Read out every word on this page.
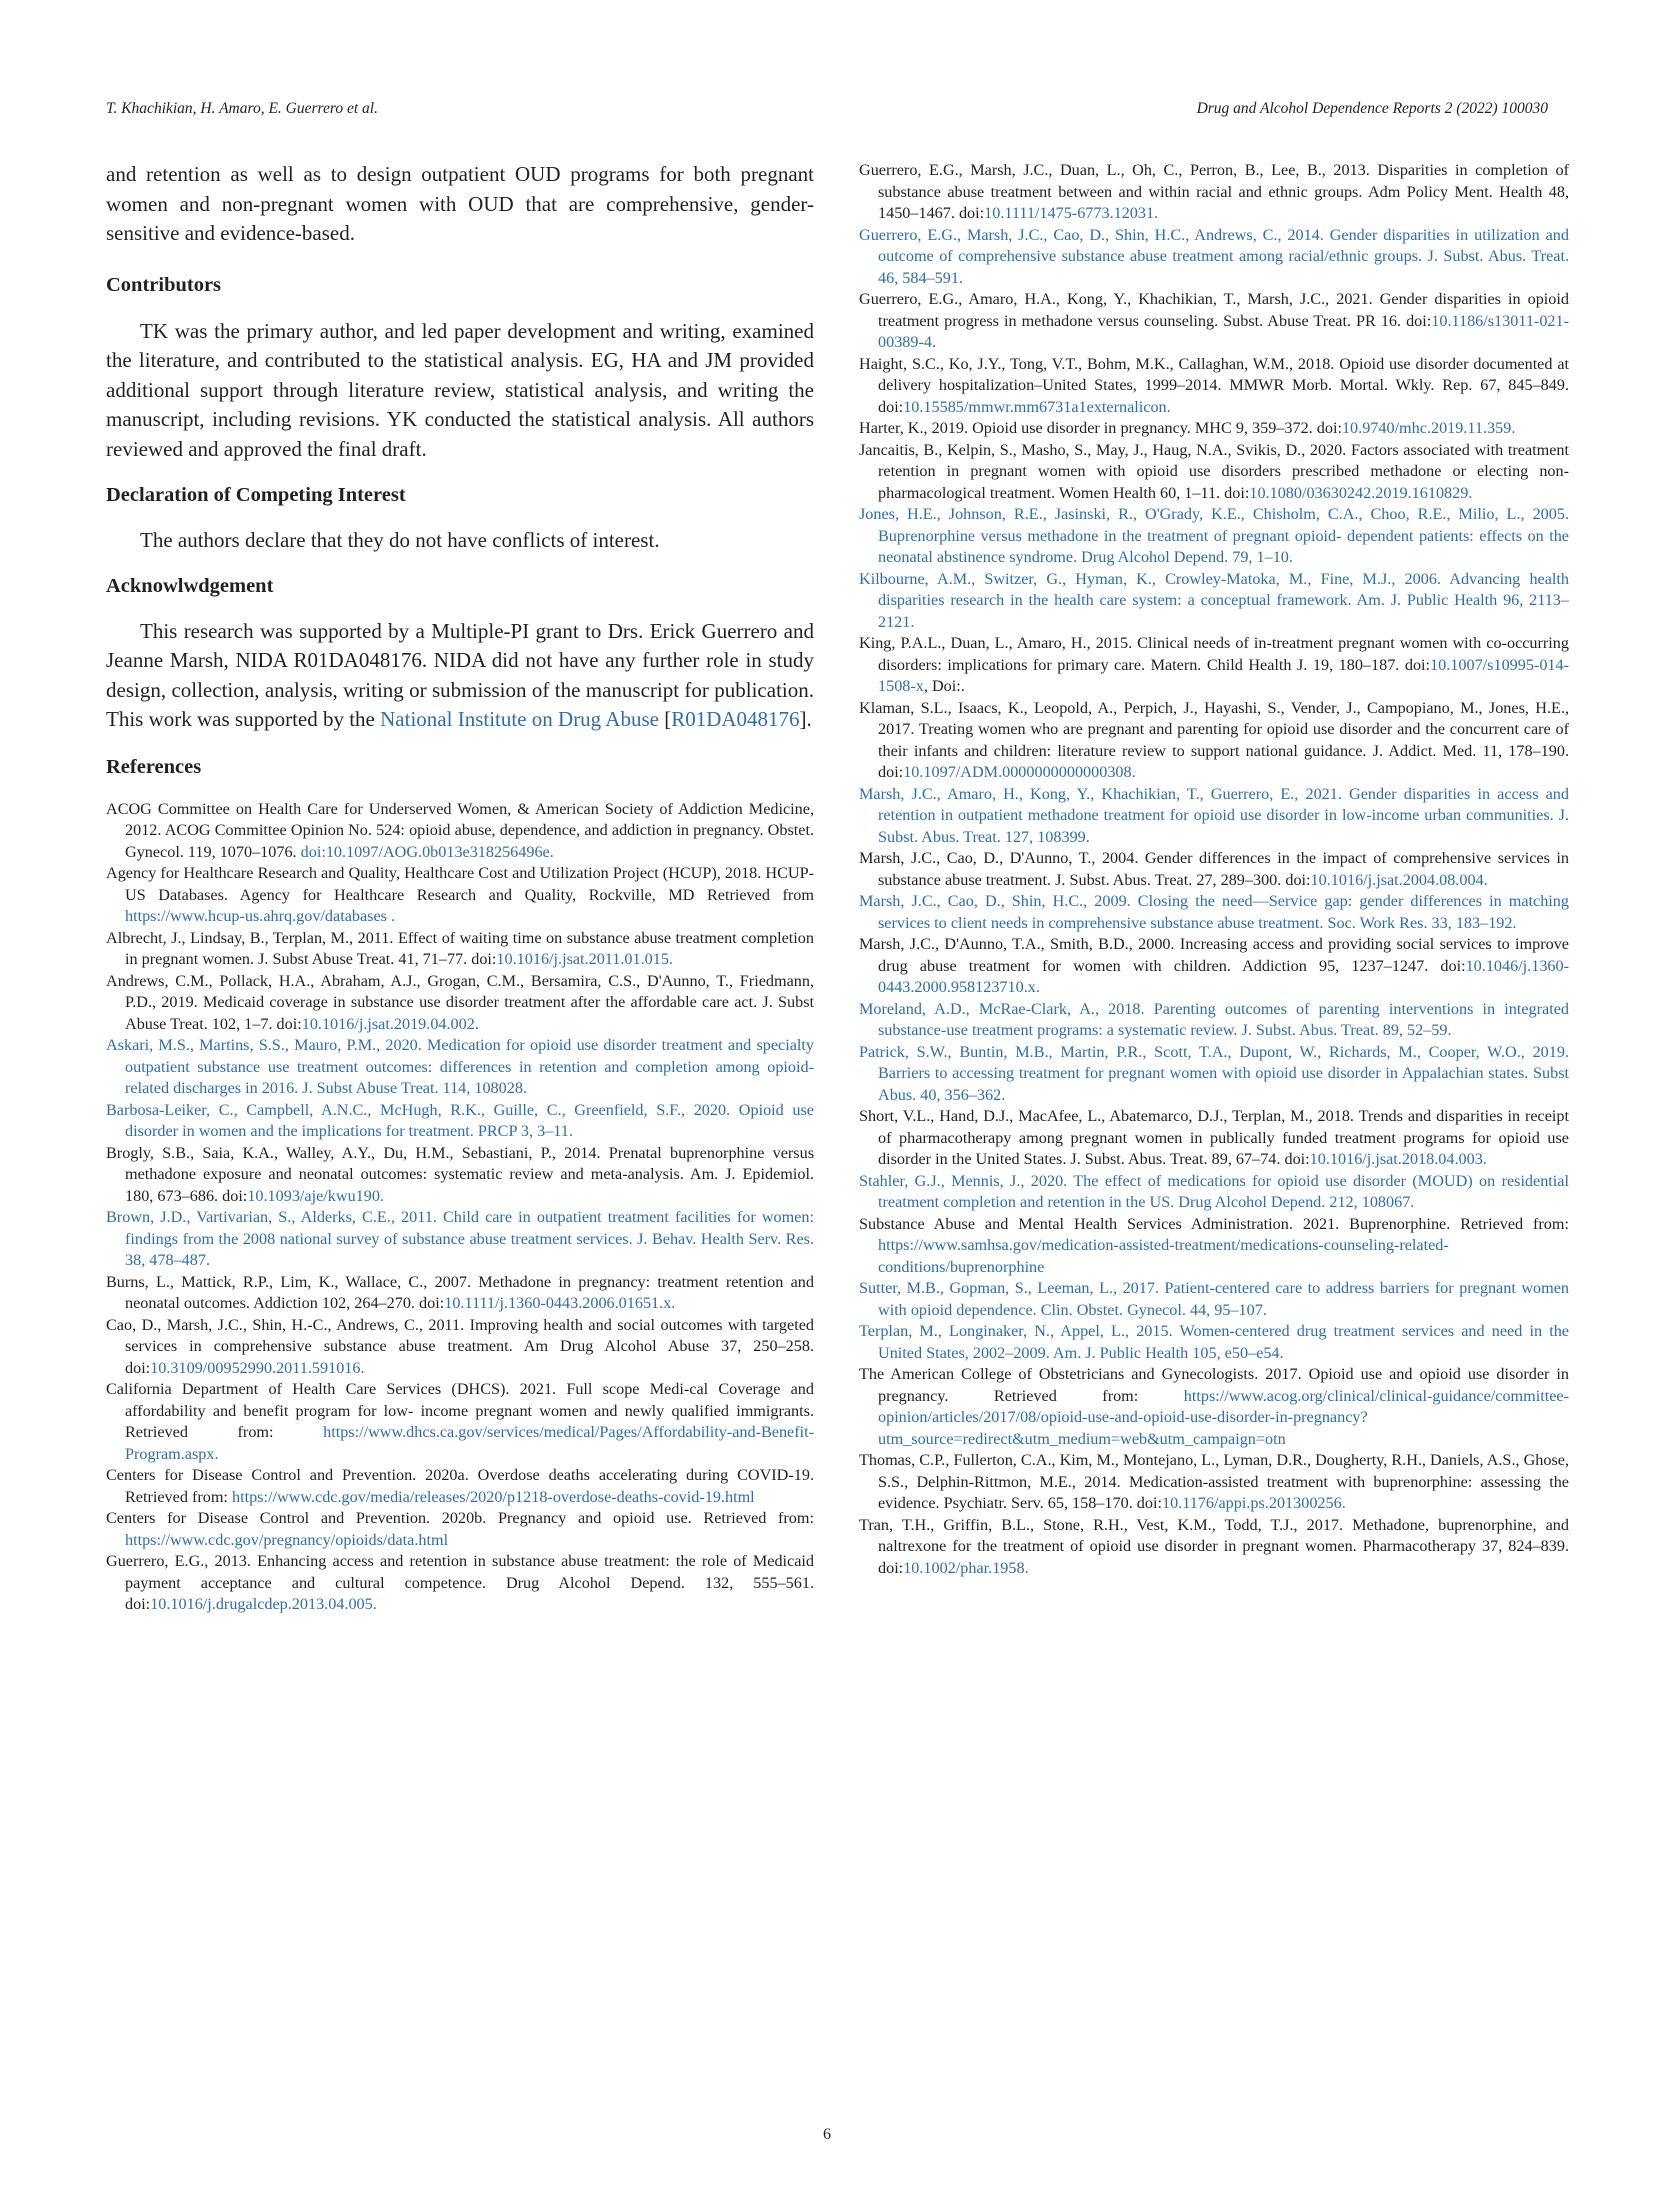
T. Khachikian, H. Amaro, E. Guerrero et al.	Drug and Alcohol Dependence Reports 2 (2022) 100030

and retention as well as to design outpatient OUD programs for both pregnant women and non-pregnant women with OUD that are comprehensive, gender-sensitive and evidence-based.

Contributors

TK was the primary author, and led paper development and writing, examined the literature, and contributed to the statistical analysis. EG, HA and JM provided additional support through literature review, statistical analysis, and writing the manuscript, including revisions. YK conducted the statistical analysis. All authors reviewed and approved the final draft.

Declaration of Competing Interest

The authors declare that they do not have conflicts of interest.

Acknowlwdgement

This research was supported by a Multiple-PI grant to Drs. Erick Guerrero and Jeanne Marsh, NIDA R01DA048176. NIDA did not have any further role in study design, collection, analysis, writing or submission of the manuscript for publication. This work was supported by the National Institute on Drug Abuse [R01DA048176].

References
ACOG Committee on Health Care for Underserved Women, & American Society of Addiction Medicine, 2012. ACOG Committee Opinion No. 524: opioid abuse, dependence, and addiction in pregnancy. Obstet. Gynecol. 119, 1070–1076. doi:10.1097/AOG.0b013e318256496e.
Agency for Healthcare Research and Quality, Healthcare Cost and Utilization Project (HCUP), 2018. HCUP-US Databases. Agency for Healthcare Research and Quality, Rockville, MD Retrieved from https://www.hcup-us.ahrq.gov/databases .
Albrecht, J., Lindsay, B., Terplan, M., 2011. Effect of waiting time on substance abuse treatment completion in pregnant women. J. Subst Abuse Treat. 41, 71–77. doi:10.1016/j.jsat.2011.01.015.
Andrews, C.M., Pollack, H.A., Abraham, A.J., Grogan, C.M., Bersamira, C.S., D'Aunno, T., Friedmann, P.D., 2019. Medicaid coverage in substance use disorder treatment after the affordable care act. J. Subst Abuse Treat. 102, 1–7. doi:10.1016/j.jsat.2019.04.002.
Askari, M.S., Martins, S.S., Mauro, P.M., 2020. Medication for opioid use disorder treatment and specialty outpatient substance use treatment outcomes: differences in retention and completion among opioid-related discharges in 2016. J. Subst Abuse Treat. 114, 108028.
Barbosa-Leiker, C., Campbell, A.N.C., McHugh, R.K., Guille, C., Greenfield, S.F., 2020. Opioid use disorder in women and the implications for treatment. PRCP 3, 3–11.
Brogly, S.B., Saia, K.A., Walley, A.Y., Du, H.M., Sebastiani, P., 2014. Prenatal buprenorphine versus methadone exposure and neonatal outcomes: systematic review and meta-analysis. Am. J. Epidemiol. 180, 673–686. doi:10.1093/aje/kwu190.
Brown, J.D., Vartivarian, S., Alderks, C.E., 2011. Child care in outpatient treatment facilities for women: findings from the 2008 national survey of substance abuse treatment services. J. Behav. Health Serv. Res. 38, 478–487.
Burns, L., Mattick, R.P., Lim, K., Wallace, C., 2007. Methadone in pregnancy: treatment retention and neonatal outcomes. Addiction 102, 264–270. doi:10.1111/j.1360-0443.2006.01651.x.
Cao, D., Marsh, J.C., Shin, H.-C., Andrews, C., 2011. Improving health and social outcomes with targeted services in comprehensive substance abuse treatment. Am Drug Alcohol Abuse 37, 250–258. doi:10.3109/00952990.2011.591016.
California Department of Health Care Services (DHCS). 2021. Full scope Medi-cal Coverage and affordability and benefit program for low- income pregnant women and newly qualified immigrants. Retrieved from: https://www.dhcs.ca.gov/services/medical/Pages/Affordability-and-Benefit-Program.aspx.
Centers for Disease Control and Prevention. 2020a. Overdose deaths accelerating during COVID-19. Retrieved from: https://www.cdc.gov/media/releases/2020/p1218-overdose-deaths-covid-19.html
Centers for Disease Control and Prevention. 2020b. Pregnancy and opioid use. Retrieved from: https://www.cdc.gov/pregnancy/opioids/data.html
Guerrero, E.G., 2013. Enhancing access and retention in substance abuse treatment: the role of Medicaid payment acceptance and cultural competence. Drug Alcohol Depend. 132, 555–561. doi:10.1016/j.drugalcdep.2013.04.005.
Guerrero, E.G., Marsh, J.C., Duan, L., Oh, C., Perron, B., Lee, B., 2013. Disparities in completion of substance abuse treatment between and within racial and ethnic groups. Adm Policy Ment. Health 48, 1450–1467. doi:10.1111/1475-6773.12031.
Guerrero, E.G., Marsh, J.C., Cao, D., Shin, H.C., Andrews, C., 2014. Gender disparities in utilization and outcome of comprehensive substance abuse treatment among racial/ethnic groups. J. Subst. Abus. Treat. 46, 584–591.
Guerrero, E.G., Amaro, H.A., Kong, Y., Khachikian, T., Marsh, J.C., 2021. Gender disparities in opioid treatment progress in methadone versus counseling. Subst. Abuse Treat. PR 16. doi:10.1186/s13011-021-00389-4.
Haight, S.C., Ko, J.Y., Tong, V.T., Bohm, M.K., Callaghan, W.M., 2018. Opioid use disorder documented at delivery hospitalization–United States, 1999–2014. MMWR Morb. Mortal. Wkly. Rep. 67, 845–849. doi:10.15585/mmwr.mm6731a1externalicon.
Harter, K., 2019. Opioid use disorder in pregnancy. MHC 9, 359–372. doi:10.9740/mhc.2019.11.359.
Jancaitis, B., Kelpin, S., Masho, S., May, J., Haug, N.A., Svikis, D., 2020. Factors associated with treatment retention in pregnant women with opioid use disorders prescribed methadone or electing non-pharmacological treatment. Women Health 60, 1–11. doi:10.1080/03630242.2019.1610829.
Jones, H.E., Johnson, R.E., Jasinski, R., O'Grady, K.E., Chisholm, C.A., Choo, R.E., Milio, L., 2005. Buprenorphine versus methadone in the treatment of pregnant opioid- dependent patients: effects on the neonatal abstinence syndrome. Drug Alcohol Depend. 79, 1–10.
Kilbourne, A.M., Switzer, G., Hyman, K., Crowley-Matoka, M., Fine, M.J., 2006. Advancing health disparities research in the health care system: a conceptual framework. Am. J. Public Health 96, 2113–2121.
King, P.A.L., Duan, L., Amaro, H., 2015. Clinical needs of in-treatment pregnant women with co-occurring disorders: implications for primary care. Matern. Child Health J. 19, 180–187. doi:10.1007/s10995-014-1508-x, Doi:.
Klaman, S.L., Isaacs, K., Leopold, A., Perpich, J., Hayashi, S., Vender, J., Campopiano, M., Jones, H.E., 2017. Treating women who are pregnant and parenting for opioid use disorder and the concurrent care of their infants and children: literature review to support national guidance. J. Addict. Med. 11, 178–190. doi:10.1097/ADM.0000000000000308.
Marsh, J.C., Amaro, H., Kong, Y., Khachikian, T., Guerrero, E., 2021. Gender disparities in access and retention in outpatient methadone treatment for opioid use disorder in low-income urban communities. J. Subst. Abus. Treat. 127, 108399.
Marsh, J.C., Cao, D., D'Aunno, T., 2004. Gender differences in the impact of comprehensive services in substance abuse treatment. J. Subst. Abus. Treat. 27, 289–300. doi:10.1016/j.jsat.2004.08.004.
Marsh, J.C., Cao, D., Shin, H.C., 2009. Closing the need—Service gap: gender differences in matching services to client needs in comprehensive substance abuse treatment. Soc. Work Res. 33, 183–192.
Marsh, J.C., D'Aunno, T.A., Smith, B.D., 2000. Increasing access and providing social services to improve drug abuse treatment for women with children. Addiction 95, 1237–1247. doi:10.1046/j.1360-0443.2000.958123710.x.
Moreland, A.D., McRae-Clark, A., 2018. Parenting outcomes of parenting interventions in integrated substance-use treatment programs: a systematic review. J. Subst. Abus. Treat. 89, 52–59.
Patrick, S.W., Buntin, M.B., Martin, P.R., Scott, T.A., Dupont, W., Richards, M., Cooper, W.O., 2019. Barriers to accessing treatment for pregnant women with opioid use disorder in Appalachian states. Subst Abus. 40, 356–362.
Short, V.L., Hand, D.J., MacAfee, L., Abatemarco, D.J., Terplan, M., 2018. Trends and disparities in receipt of pharmacotherapy among pregnant women in publically funded treatment programs for opioid use disorder in the United States. J. Subst. Abus. Treat. 89, 67–74. doi:10.1016/j.jsat.2018.04.003.
Stahler, G.J., Mennis, J., 2020. The effect of medications for opioid use disorder (MOUD) on residential treatment completion and retention in the US. Drug Alcohol Depend. 212, 108067.
Substance Abuse and Mental Health Services Administration. 2021. Buprenorphine. Retrieved from: https://www.samhsa.gov/medication-assisted-treatment/medications-counseling-related-conditions/buprenorphine
Sutter, M.B., Gopman, S., Leeman, L., 2017. Patient-centered care to address barriers for pregnant women with opioid dependence. Clin. Obstet. Gynecol. 44, 95–107.
Terplan, M., Longinaker, N., Appel, L., 2015. Women-centered drug treatment services and need in the United States, 2002–2009. Am. J. Public Health 105, e50–e54.
The American College of Obstetricians and Gynecologists. 2017. Opioid use and opioid use disorder in pregnancy. Retrieved from: https://www.acog.org/clinical/clinical-guidance/committee-opinion/articles/2017/08/opioid-use-and-opioid-use-disorder-in-pregnancy?utm_source=redirect&utm_medium=web&utm_campaign=otn
Thomas, C.P., Fullerton, C.A., Kim, M., Montejano, L., Lyman, D.R., Dougherty, R.H., Daniels, A.S., Ghose, S.S., Delphin-Rittmon, M.E., 2014. Medication-assisted treatment with buprenorphine: assessing the evidence. Psychiatr. Serv. 65, 158–170. doi:10.1176/appi.ps.201300256.
Tran, T.H., Griffin, B.L., Stone, R.H., Vest, K.M., Todd, T.J., 2017. Methadone, buprenorphine, and naltrexone for the treatment of opioid use disorder in pregnant women. Pharmacotherapy 37, 824–839. doi:10.1002/phar.1958.
6
